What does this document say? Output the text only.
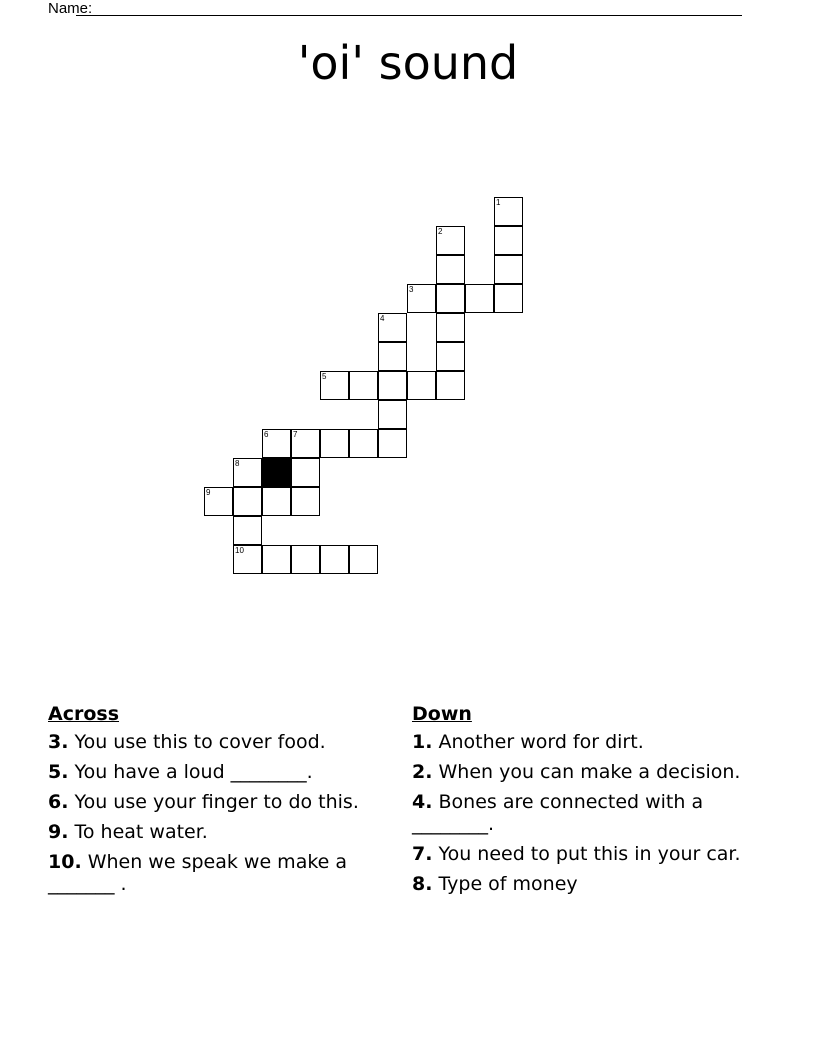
Name:
'oi' sound
1
2
3
4
5
6	7
8
9
10
Across
3. You use this to cover food.
5. You have a loud ________.
6. You use your finger to do this.
9. To heat water.
10. When we speak we make a _______ .
Down
1. Another word for dirt.
2. When you can make a decision.
4. Bones are connected with a ________.
7. You need to put this in your car.
8. Type of money
